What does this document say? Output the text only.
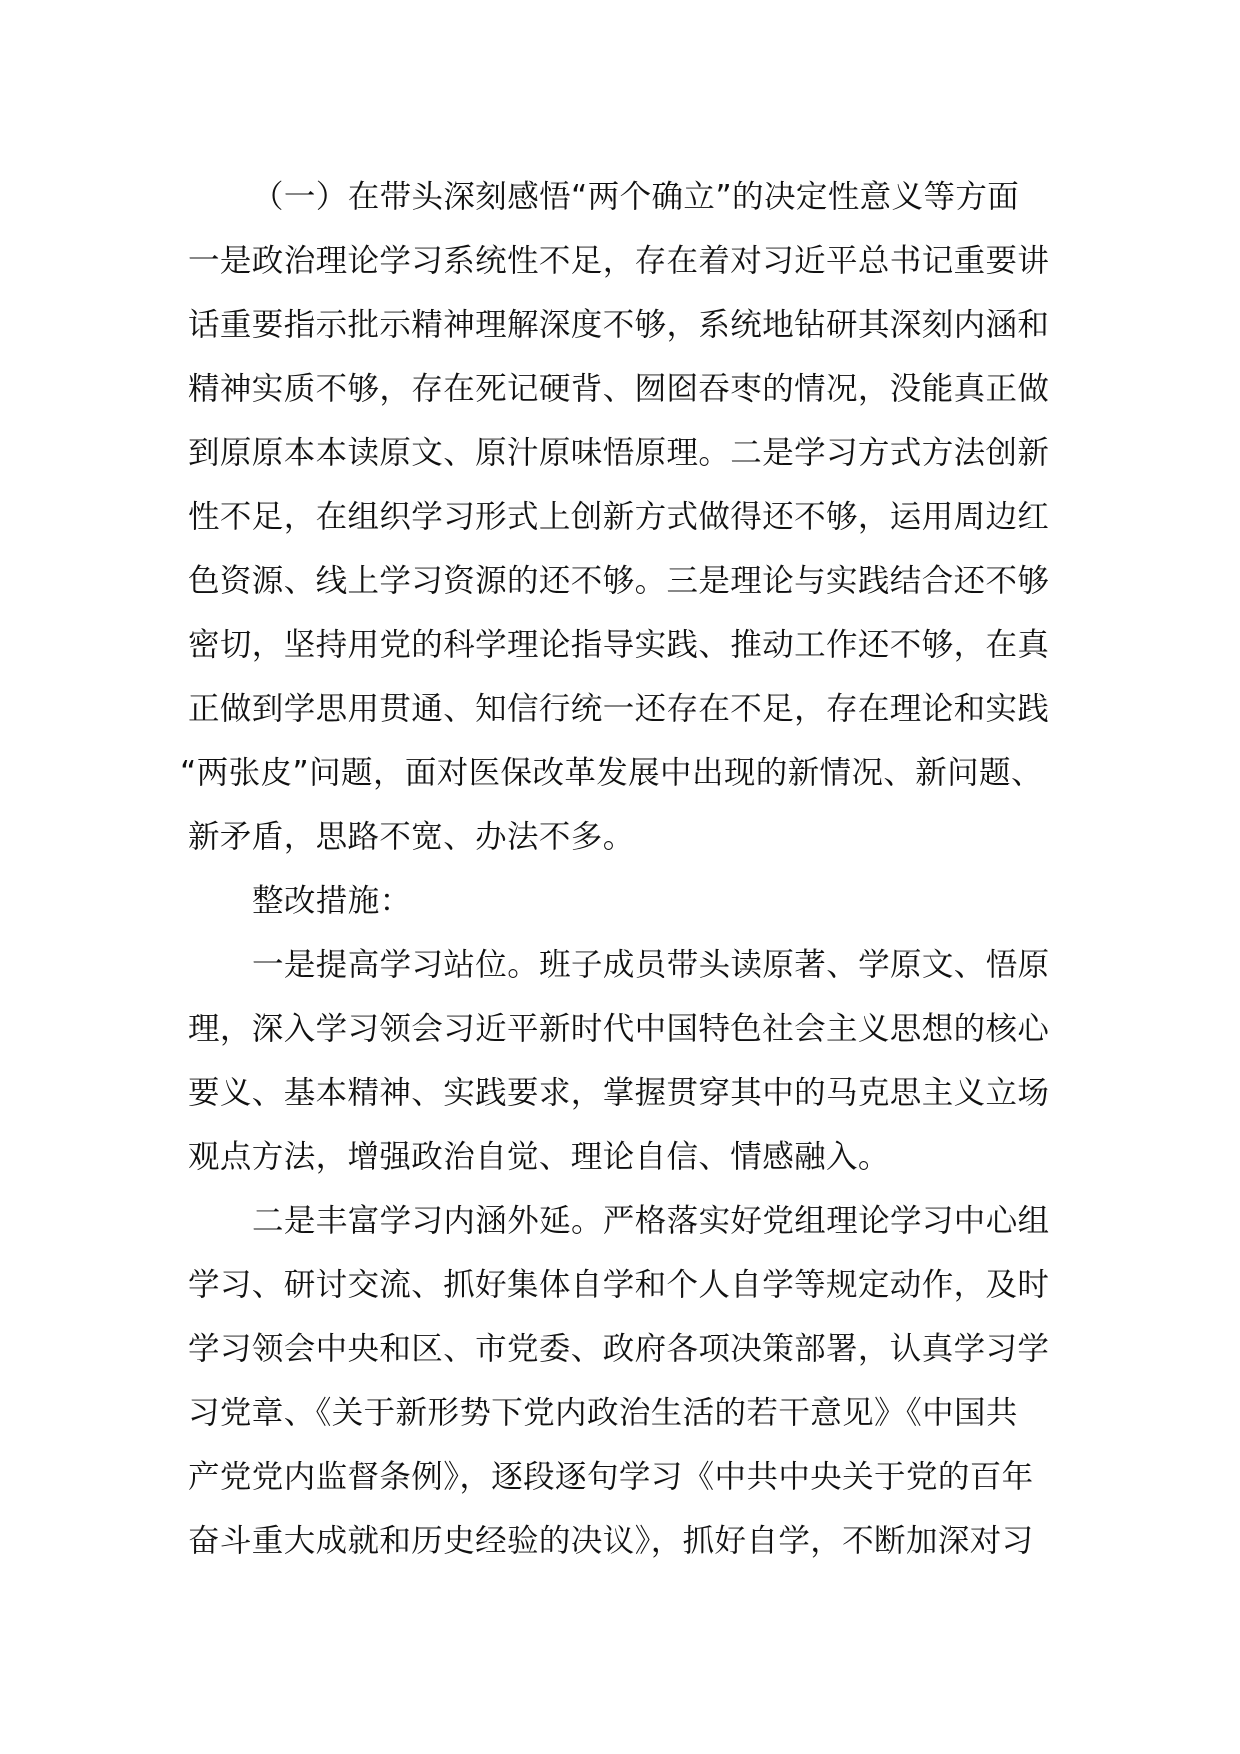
（一）在带头深刻感悟“两个确立”的决定性意义等方面
一是政治理论学习系统性不足，存在着对习近平总书记重要讲
话重要指示批示精神理解深度不够，系统地钻研其深刻内涵和
精神实质不够，存在死记硬背、囫囵吞枣的情况，没能真正做
到原原本本读原文、原汁原味悟原理。二是学习方式方法创新
性不足，在组织学习形式上创新方式做得还不够，运用周边红
色资源、线上学习资源的还不够。三是理论与实践结合还不够
密切，坚持用党的科学理论指导实践、推动工作还不够，在真
正做到学思用贯通、知信行统一还存在不足，存在理论和实践
“两张皮”问题，面对医保改革发展中出现的新情况、新问题、
新矛盾，思路不宽、办法不多。
整改措施：
一是提高学习站位。班子成员带头读原著、学原文、悟原
理，深入学习领会习近平新时代中国特色社会主义思想的核心
要义、基本精神、实践要求，掌握贯穿其中的马克思主义立场
观点方法，增强政治自觉、理论自信、情感融入。
二是丰富学习内涵外延。严格落实好党组理论学习中心组
学习、研讨交流、抓好集体自学和个人自学等规定动作，及时
学习领会中央和区、市党委、政府各项决策部署，认真学习学
习党章、《关于新形势下党内政治生活的若干意见》《中国共
产党党内监督条例》，逐段逐句学习《中共中央关于党的百年
奋斗重大成就和历史经验的决议》，抓好自学，不断加深对习
